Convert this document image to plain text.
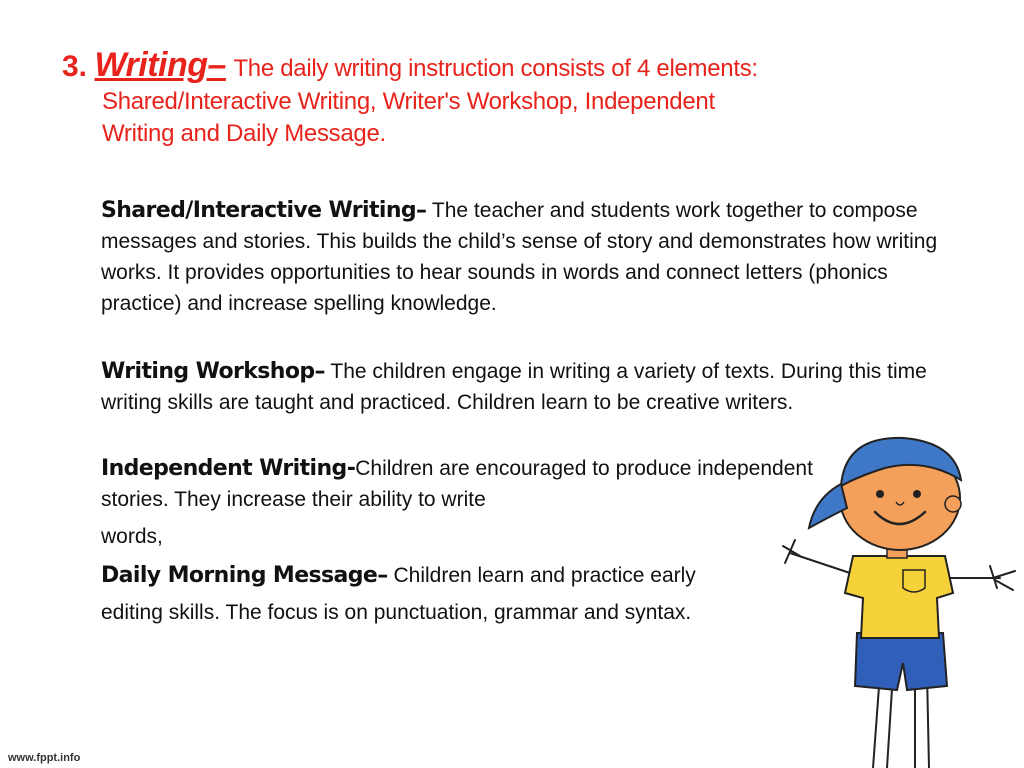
3. Writing– The daily writing instruction consists of 4 elements:
Shared/Interactive Writing, Writer's Workshop, Independent
Writing and Daily Message.
Shared/Interactive Writing– The teacher and students work together to compose messages and stories. This builds the child’s sense of story and demonstrates how writing works. It provides opportunities to hear sounds in words and connect letters (phonics practice) and increase spelling knowledge.
Writing Workshop– The children engage in writing a variety of texts. During this time writing skills are taught and practiced. Children learn to be creative writers.
Independent Writing-Children are encouraged to produce independent stories. They increase their ability to write
words,
Daily Morning Message– Children learn and practice early
editing skills. The focus is on punctuation, grammar and syntax.
www.fppt.info
